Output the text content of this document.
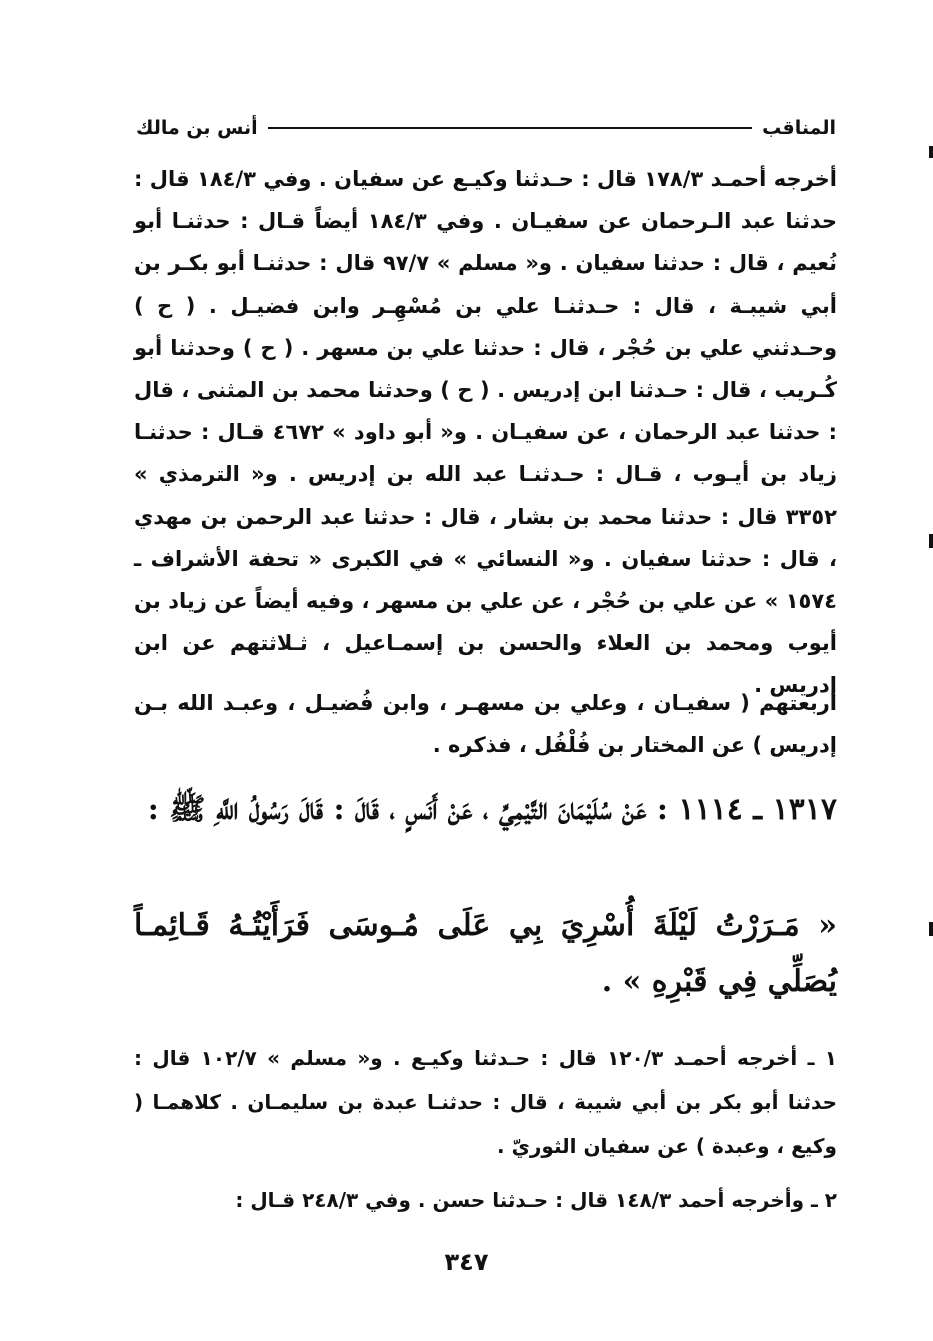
المناقب
أنس بن مالك

أخرجه أحمـد ١٧٨/٣ قال : حـدثنا وكيـع عن سفيان . وفي ١٨٤/٣ قال : حدثنا عبد الـرحمان عن سفيـان . وفي ١٨٤/٣ أيضاً قـال : حدثنـا أبو نُعيم ، قال : حدثنا سفيان . و« مسلم » ٩٧/٧ قال : حدثنـا أبو بكـر بن أبي شيبـة ، قال : حـدثنـا علي بن مُسْهِـر وابن فضيـل . ( ح ) وحـدثني علي بن حُجْر ، قال : حدثنا علي بن مسهر . ( ح ) وحدثنا أبو كُـريب ، قال : حـدثنا ابن إدريس . ( ح ) وحدثنا محمد بن المثنى ، قال : حدثنا عبد الرحمان ، عن سفيـان . و« أبو داود » ٤٦٧٢ قـال : حدثنـا زياد بن أيـوب ، قـال : حـدثنـا عبد الله بن إدريس . و« الترمذي » ٣٣٥٢ قال : حدثنا محمد بن بشار ، قال : حدثنا عبد الرحمن بن مهدي ، قال : حدثنا سفيان . و« النسائي » في الكبرى « تحفة الأشراف ـ ١٥٧٤ » عن علي بن حُجْر ، عن علي بن مسهر ، وفيه أيضاً عن زياد بن أيوب ومحمد بن العلاء والحسن بن إسمـاعيل ، ثـلاثتهم عن ابن إدريس .

أربعتهم ( سفيـان ، وعلي بن مسهـر ، وابن فُضيـل ، وعبـد الله بـن إدريس ) عن المختار بن فُلْفُل ، فذكره .

١٣١٧ ـ ١١١٤ : عَنْ سُلَيْمَانَ التَّيْمِيِّ ، عَنْ أَنَسٍ ، قَالَ : قَالَ رَسُولُ اللَّهِ ﷺ :

« مَـرَرْتُ لَيْلَةَ أُسْرِيَ بِي عَلَى مُـوسَى فَرَأَيْتُـهُ قَـائِمـاً يُصَلِّي فِي قَبْرِهِ » .

١ ـ أخرجه أحمـد ١٢٠/٣ قال : حـدثنا وكيـع . و« مسلم » ١٠٢/٧ قال : حدثنا أبو بكر بن أبي شيبة ، قال : حدثنـا عبدة بن سليمـان . كلاهمـا ( وكيع ، وعبدة ) عن سفيان الثوريّ .

٢ ـ وأخرجه أحمد ١٤٨/٣ قال : حـدثنا حسن . وفي ٢٤٨/٣ قـال :

٣٤٧
